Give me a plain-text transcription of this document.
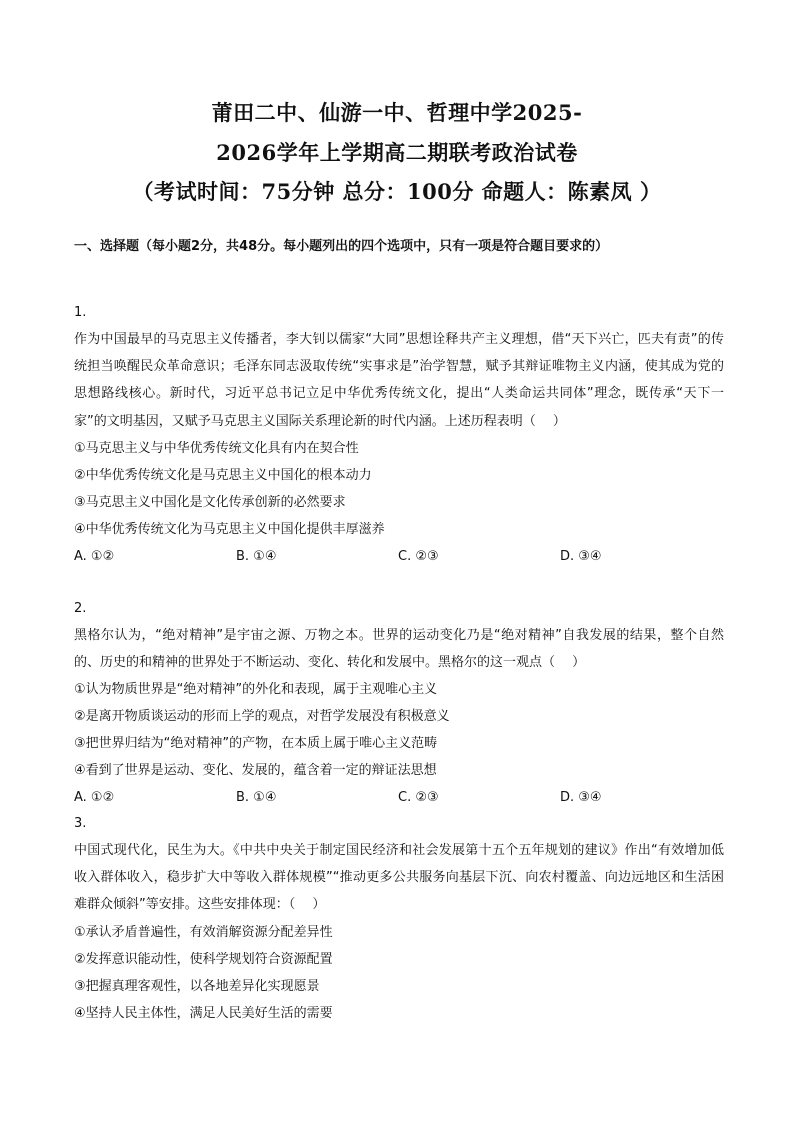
莆田二中、仙游一中、哲理中学2025-
2026学年上学期高二期联考政治试卷
（考试时间：75分钟 总分：100分 命题人：陈素凤 ）

一、选择题（每小题2分，共48分。每小题列出的四个选项中，只有一项是符合题目要求的）

1.

作为中国最早的马克思主义传播者，李大钊以儒家“大同”思想诠释共产主义理想，借“天下兴亡，匹夫有责”的传统担当唤醒民众革命意识；毛泽东同志汲取传统“实事求是”治学智慧，赋予其辩证唯物主义内涵，使其成为党的思想路线核心。新时代，习近平总书记立足中华优秀传统文化，提出“人类命运共同体”理念，既传承“天下一家”的文明基因，又赋予马克思主义国际关系理论新的时代内涵。上述历程表明（　 ）

①马克思主义与中华优秀传统文化具有内在契合性

②中华优秀传统文化是马克思主义中国化的根本动力

③马克思主义中国化是文化传承创新的必然要求

④中华优秀传统文化为马克思主义中国化提供丰厚滋养

A. ①②	B. ①④	C. ②③	D. ③④

2.

黑格尔认为，“绝对精神”是宇宙之源、万物之本。世界的运动变化乃是“绝对精神”自我发展的结果，整个自然的、历史的和精神的世界处于不断运动、变化、转化和发展中。黑格尔的这一观点（　 ）

①认为物质世界是“绝对精神”的外化和表现，属于主观唯心主义

②是离开物质谈运动的形而上学的观点，对哲学发展没有积极意义

③把世界归结为“绝对精神”的产物，在本质上属于唯心主义范畴

④看到了世界是运动、变化、发展的，蕴含着一定的辩证法思想

A. ①②	B. ①④	C. ②③	D. ③④

3.

中国式现代化，民生为大。《中共中央关于制定国民经济和社会发展第十五个五年规划的建议》作出“有效增加低收入群体收入，稳步扩大中等收入群体规模”“推动更多公共服务向基层下沉、向农村覆盖、向边远地区和生活困难群众倾斜”等安排。这些安排体现：（　 ）

①承认矛盾普遍性，有效消解资源分配差异性

②发挥意识能动性，使科学规划符合资源配置

③把握真理客观性，以各地差异化实现愿景

④坚持人民主体性，满足人民美好生活的需要
